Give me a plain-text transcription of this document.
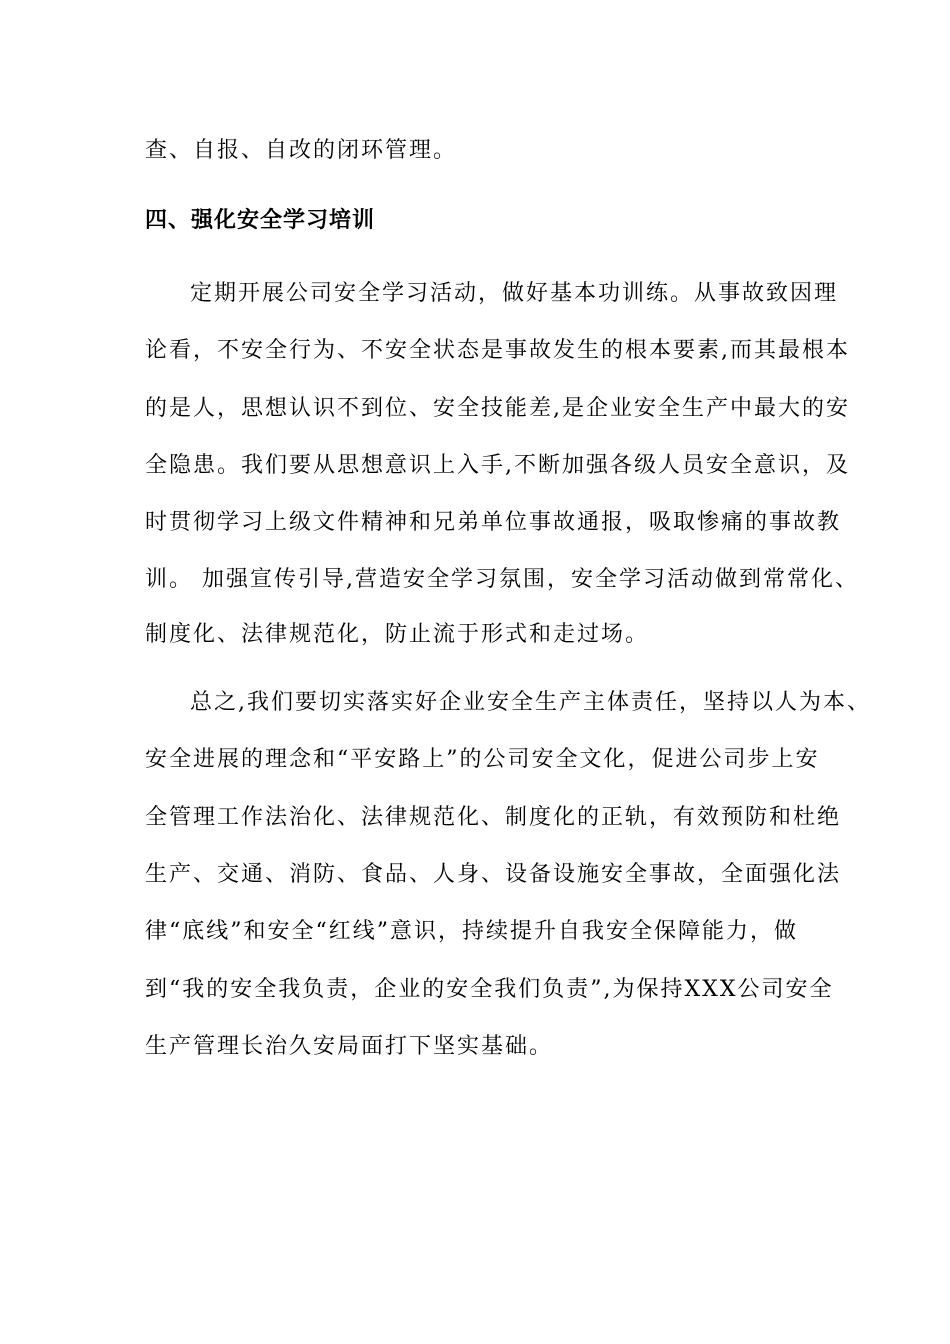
查、自报、自改的闭环管理。
四、强化安全学习培训
定期开展公司安全学习活动，做好基本功训练。从事故致因理
论看，不安全行为、不安全状态是事故发生的根本要素,而其最根本
的是人，思想认识不到位、安全技能差,是企业安全生产中最大的安
全隐患。我们要从思想意识上入手,不断加强各级人员安全意识，及
时贯彻学习上级文件精神和兄弟单位事故通报，吸取惨痛的事故教
训。 加强宣传引导,营造安全学习氛围，安全学习活动做到常常化、
制度化、法律规范化，防止流于形式和走过场。
总之,我们要切实落实好企业安全生产主体责任，坚持以人为本、
安全进展的理念和“平安路上”的公司安全文化，促进公司步上安
全管理工作法治化、法律规范化、制度化的正轨，有效预防和杜绝
生产、交通、消防、食品、人身、设备设施安全事故，全面强化法
律“底线”和安全“红线”意识，持续提升自我安全保障能力，做
到“我的安全我负责，企业的安全我们负责”,为保持XXX公司安全
生产管理长治久安局面打下坚实基础。
